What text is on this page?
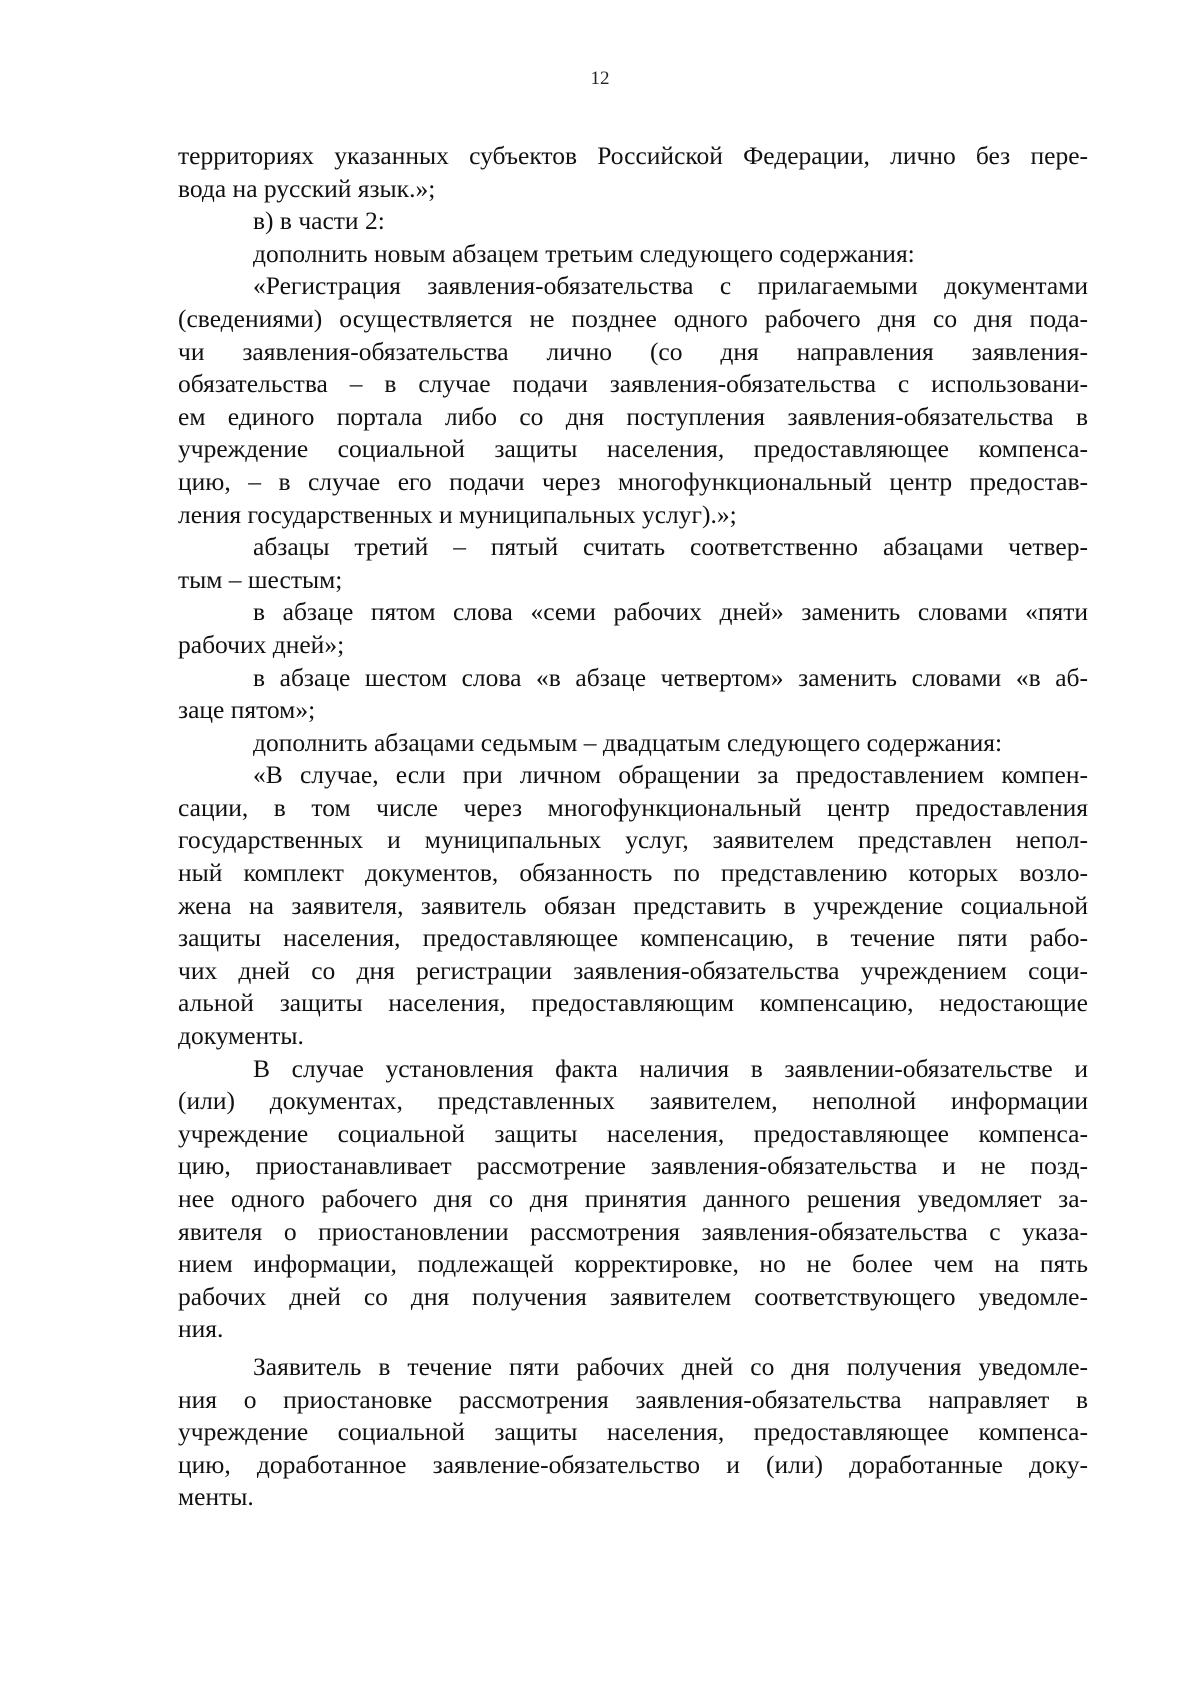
12
территориях указанных субъектов Российской Федерации, лично без пере-
вода на русский язык.»;
в) в части 2:
дополнить новым абзацем третьим следующего содержания:
«Регистрация заявления-обязательства с прилагаемыми документами
(сведениями) осуществляется не позднее одного рабочего дня со дня пода-
чи заявления-обязательства лично (со дня направления заявления-
обязательства – в случае подачи заявления-обязательства с использовани-
ем единого портала либо со дня поступления заявления-обязательства в
учреждение социальной защиты населения, предоставляющее компенса-
цию, – в случае его подачи через многофункциональный центр предостав-
ления государственных и муниципальных услуг).»;
абзацы третий – пятый считать соответственно абзацами четвер-
тым – шестым;
в абзаце пятом слова «семи рабочих дней» заменить словами «пяти
рабочих дней»;
в абзаце шестом слова «в абзаце четвертом» заменить словами «в аб-
заце пятом»;
дополнить абзацами седьмым – двадцатым следующего содержания:
«В случае, если при личном обращении за предоставлением компен-
сации, в том числе через многофункциональный центр предоставления
государственных и муниципальных услуг, заявителем представлен непол-
ный комплект документов, обязанность по представлению которых возло-
жена на заявителя, заявитель обязан представить в учреждение социальной
защиты населения, предоставляющее компенсацию, в течение пяти рабо-
чих дней со дня регистрации заявления-обязательства учреждением соци-
альной защиты населения, предоставляющим компенсацию, недостающие
документы.
В случае установления факта наличия в заявлении-обязательстве и
(или) документах, представленных заявителем, неполной информации
учреждение социальной защиты населения, предоставляющее компенса-
цию, приостанавливает рассмотрение заявления-обязательства и не позд-
нее одного рабочего дня со дня принятия данного решения уведомляет за-
явителя о приостановлении рассмотрения заявления-обязательства с указа-
нием информации, подлежащей корректировке, но не более чем на пять
рабочих дней со дня получения заявителем соответствующего уведомле-
ния.
Заявитель в течение пяти рабочих дней со дня получения уведомле-
ния о приостановке рассмотрения заявления-обязательства направляет в
учреждение социальной защиты населения, предоставляющее компенса-
цию, доработанное заявление-обязательство и (или) доработанные доку-
менты.
